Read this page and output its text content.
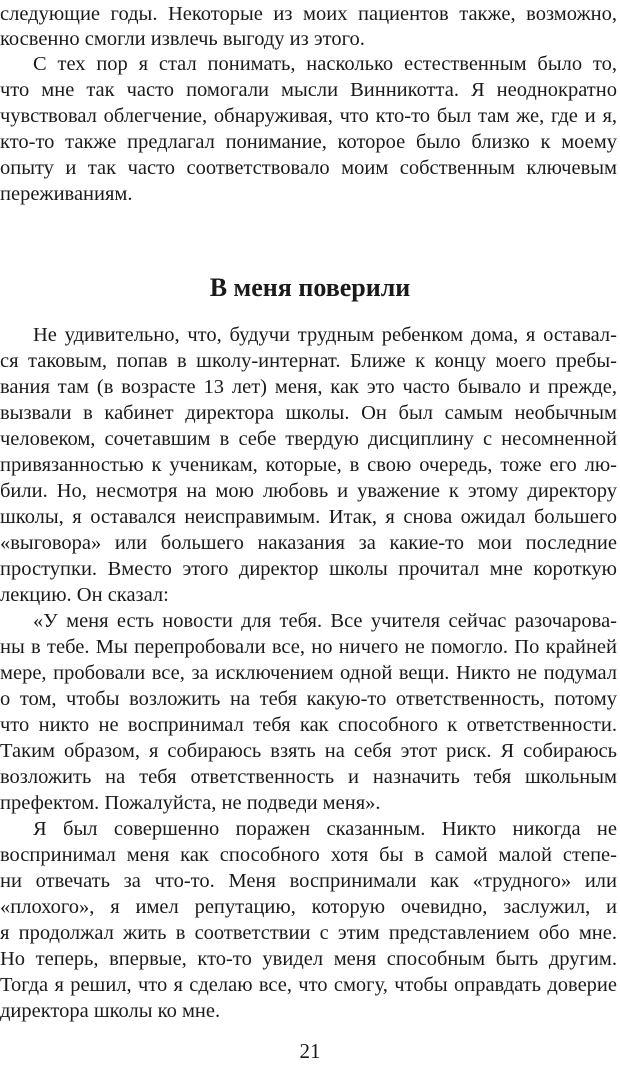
следующие годы. Некоторые из моих пациентов также, возможно,
косвенно смогли извлечь выгоду из этого.
С тех пор я стал понимать, насколько естественным было то,
что мне так часто помогали мысли Винникотта. Я неоднократно
чувствовал облегчение, обнаруживая, что кто-то был там же, где и я,
кто-то также предлагал понимание, которое было близко к моему
опыту и так часто соответствовало моим собственным ключевым
переживаниям.
В меня поверили
Не удивительно, что, будучи трудным ребенком дома, я оставал-
ся таковым, попав в школу-интернат. Ближе к концу моего пребы-
вания там (в возрасте 13 лет) меня, как это часто бывало и прежде,
вызвали в кабинет директора школы. Он был самым необычным
человеком, сочетавшим в себе твердую дисциплину с несомненной
привязанностью к ученикам, которые, в свою очередь, тоже его лю-
били. Но, несмотря на мою любовь и уважение к этому директору
школы, я оставался неисправимым. Итак, я снова ожидал большего
«выговора» или большего наказания за какие-то мои последние
проступки. Вместо этого директор школы прочитал мне короткую
лекцию. Он сказал:
«У меня есть новости для тебя. Все учителя сейчас разочарова-
ны в тебе. Мы перепробовали все, но ничего не помогло. По крайней
мере, пробовали все, за исключением одной вещи. Никто не подумал
о том, чтобы возложить на тебя какую-то ответственность, потому
что никто не воспринимал тебя как способного к ответственности.
Таким образом, я собираюсь взять на себя этот риск. Я собираюсь
возложить на тебя ответственность и назначить тебя школьным
префектом. Пожалуйста, не подведи меня».
Я был совершенно поражен сказанным. Никто никогда не
воспринимал меня как способного хотя бы в самой малой степе-
ни отвечать за что-то. Меня воспринимали как «трудного» или
«плохого», я имел репутацию, которую очевидно, заслужил, и
я продолжал жить в соответствии с этим представлением обо мне.
Но теперь, впервые, кто-то увидел меня способным быть другим.
Тогда я решил, что я сделаю все, что смогу, чтобы оправдать доверие
директора школы ко мне.
21
